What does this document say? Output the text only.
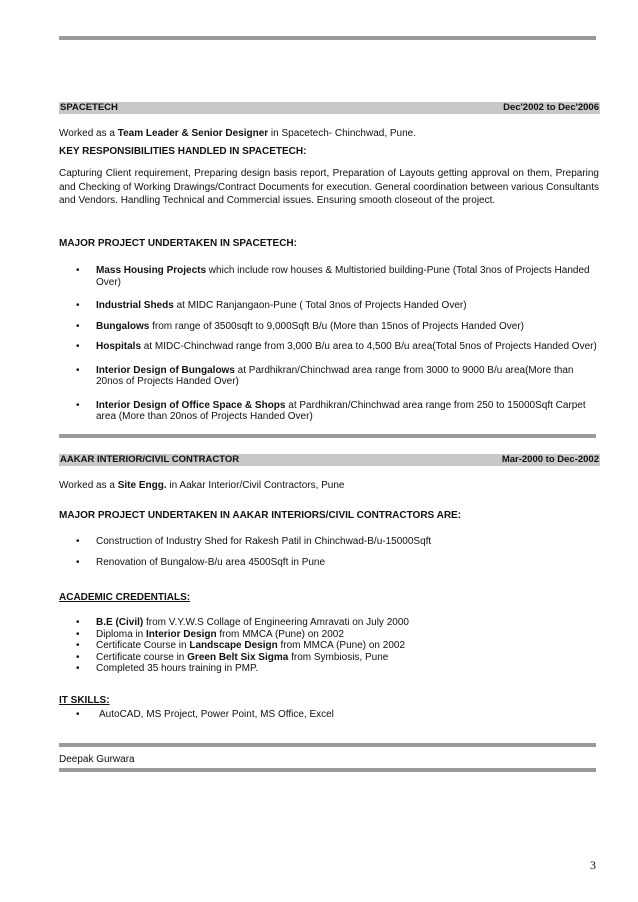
SPACETECH	Dec'2002 to Dec'2006
Worked as a Team Leader & Senior Designer in Spacetech- Chinchwad, Pune.
KEY RESPONSIBILITIES HANDLED IN SPACETECH:
Capturing Client requirement, Preparing design basis report, Preparation of Layouts getting approval on them, Preparing and Checking of Working Drawings/Contract Documents for execution. General coordination between various Consultants and Vendors. Handling Technical and Commercial issues. Ensuring smooth closeout of the project.
MAJOR PROJECT UNDERTAKEN IN SPACETECH:
• Mass Housing Projects which include row houses & Multistoried building-Pune (Total 3nos of Projects Handed Over)
• Industrial Sheds at MIDC Ranjangaon-Pune ( Total 3nos of Projects Handed Over)
• Bungalows from range of 3500sqft to 9,000Sqft B/u (More than 15nos of Projects Handed Over)
• Hospitals at MIDC-Chinchwad range from 3,000 B/u area to 4,500 B/u area(Total 5nos of Projects Handed Over)
• Interior Design of Bungalows at Pardhikran/Chinchwad area range from 3000 to 9000 B/u area(More than 20nos of Projects Handed Over)
• Interior Design of Office Space & Shops at Pardhikran/Chinchwad area range from 250 to 15000Sqft Carpet area (More than 20nos of Projects Handed Over)
AAKAR INTERIOR/CIVIL CONTRACTOR	Mar-2000 to Dec-2002
Worked as a Site Engg. in Aakar Interior/Civil Contractors, Pune
MAJOR PROJECT UNDERTAKEN IN AAKAR INTERIORS/CIVIL CONTRACTORS ARE:
• Construction of Industry Shed for Rakesh Patil in Chinchwad-B/u-15000Sqft
• Renovation of Bungalow-B/u area 4500Sqft in Pune
ACADEMIC CREDENTIALS:
• B.E (Civil) from V.Y.W.S Collage of Engineering Amravati on July 2000
• Diploma in Interior Design from MMCA (Pune) on 2002
• Certificate Course in Landscape Design from MMCA (Pune) on 2002
• Certificate course in Green Belt Six Sigma from Symbiosis, Pune
• Completed 35 hours training in PMP.
IT SKILLS:
• AutoCAD, MS Project, Power Point, MS Office, Excel
Deepak Gurwara
3
